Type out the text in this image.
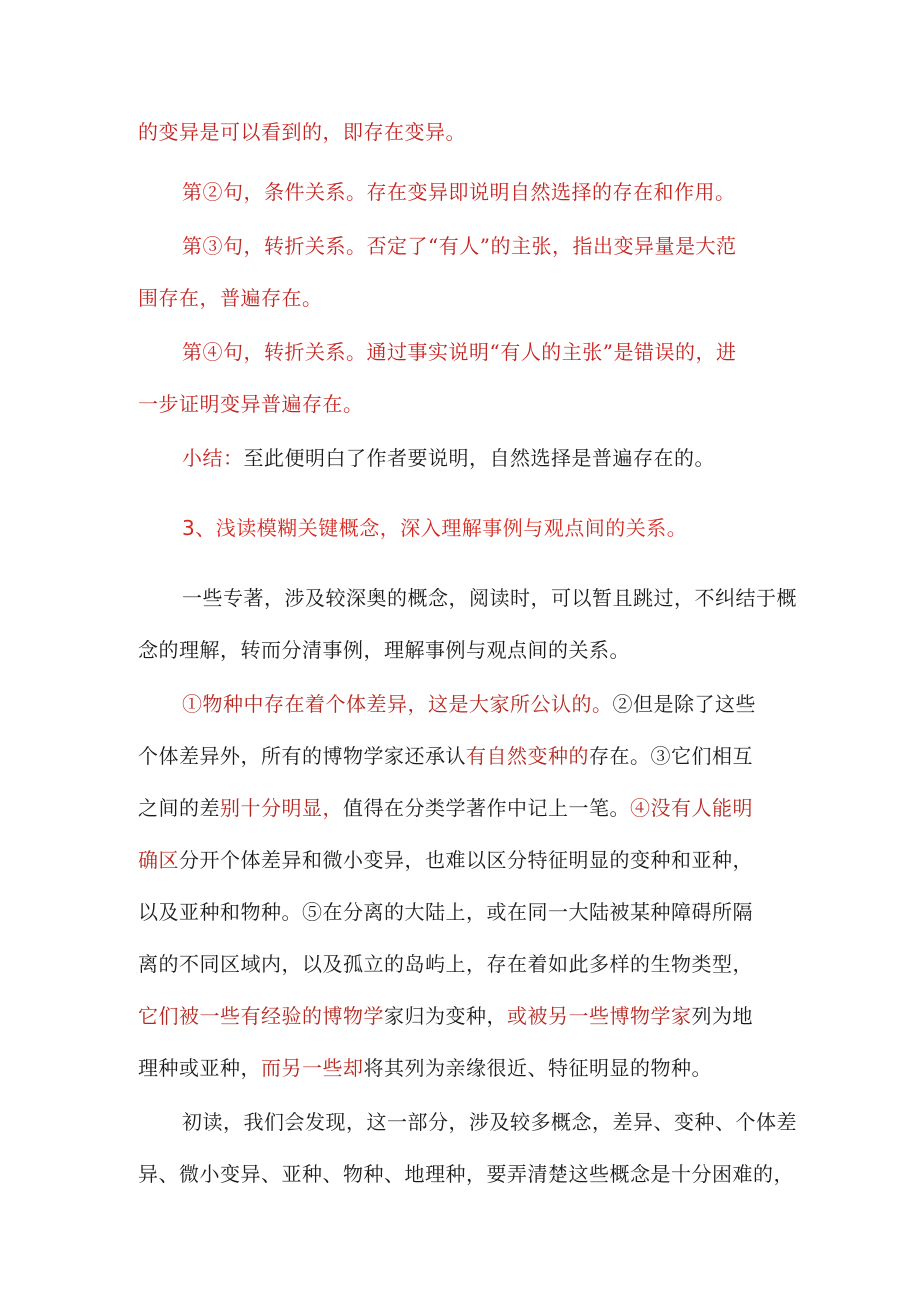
的变异是可以看到的，即存在变异。

第②句，条件关系。存在变异即说明自然选择的存在和作用。

第③句，转折关系。否定了“有人”的主张，指出变异量是大范
围存在，普遍存在。

第④句，转折关系。通过事实说明“有人的主张”是错误的，进
一步证明变异普遍存在。

小结：至此便明白了作者要说明，自然选择是普遍存在的。

3、浅读模糊关键概念，深入理解事例与观点间的关系。

一些专著，涉及较深奥的概念，阅读时，可以暂且跳过，不纠结于概
念的理解，转而分清事例，理解事例与观点间的关系。

①物种中存在着个体差异，这是大家所公认的。②但是除了这些
个体差异外，所有的博物学家还承认有自然变种的存在。③它们相互
之间的差别十分明显，值得在分类学著作中记上一笔。④没有人能明
确区分开个体差异和微小变异，也难以区分特征明显的变种和亚种，
以及亚种和物种。⑤在分离的大陆上，或在同一大陆被某种障碍所隔
离的不同区域内，以及孤立的岛屿上，存在着如此多样的生物类型，
它们被一些有经验的博物学家归为变种，或被另一些博物学家列为地
理种或亚种，而另一些却将其列为亲缘很近、特征明显的物种。

初读，我们会发现，这一部分，涉及较多概念，差异、变种、个体差
异、微小变异、亚种、物种、地理种，要弄清楚这些概念是十分困难的，
